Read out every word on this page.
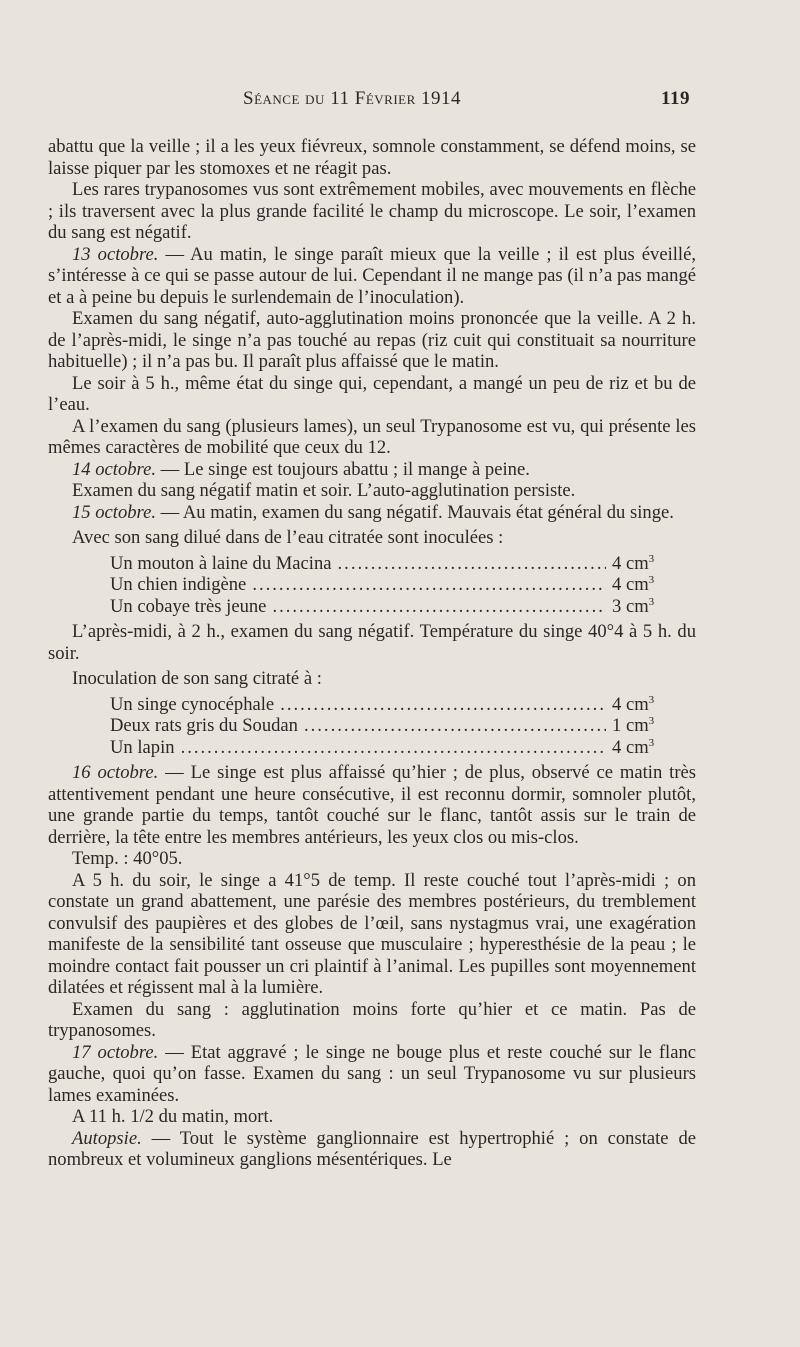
Séance du 11 Février 1914	119

abattu que la veille ; il a les yeux fiévreux, somnole constamment, se défend moins, se laisse piquer par les stomoxes et ne réagit pas.

Les rares trypanosomes vus sont extrêmement mobiles, avec mouvements en flèche ; ils traversent avec la plus grande facilité le champ du microscope. Le soir, l’examen du sang est négatif.

13 octobre. — Au matin, le singe paraît mieux que la veille ; il est plus éveillé, s’intéresse à ce qui se passe autour de lui. Cependant il ne mange pas (il n’a pas mangé et a à peine bu depuis le surlendemain de l’inoculation).

Examen du sang négatif, auto-agglutination moins prononcée que la veille. A 2 h. de l’après-midi, le singe n’a pas touché au repas (riz cuit qui constituait sa nourriture habituelle) ; il n’a pas bu. Il paraît plus affaissé que le matin.

Le soir à 5 h., même état du singe qui, cependant, a mangé un peu de riz et bu de l’eau.

A l’examen du sang (plusieurs lames), un seul Trypanosome est vu, qui présente les mêmes caractères de mobilité que ceux du 12.

14 octobre. — Le singe est toujours abattu ; il mange à peine.

Examen du sang négatif matin et soir. L’auto-agglutination persiste.

15 octobre. — Au matin, examen du sang négatif. Mauvais état général du singe.

Avec son sang dilué dans de l’eau citratée sont inoculées :

Un mouton à laine du Macina .....	4 $cm^3$
Un chien indigène .....	4 $cm^3$
Un cobaye très jeune .....	3 $cm^3$

L’après-midi, à 2 h., examen du sang négatif. Température du singe 40°4 à 5 h. du soir.

Inoculation de son sang citraté à :

Un singe cynocéphale .....	4 $cm^3$
Deux rats gris du Soudan .....	1 $cm^3$
Un lapin .....	4 $cm^3$

16 octobre. — Le singe est plus affaissé qu’hier ; de plus, observé ce matin très attentivement pendant une heure consécutive, il est reconnu dormir, somnoler plutôt, une grande partie du temps, tantôt couché sur le flanc, tantôt assis sur le train de derrière, la tête entre les membres antérieurs, les yeux clos ou mis-clos.

Temp. : 40°05.

A 5 h. du soir, le singe a 41°5 de temp. Il reste couché tout l’après-midi ; on constate un grand abattement, une parésie des membres postérieurs, du tremblement convulsif des paupières et des globes de l’œil, sans nystagmus vrai, une exagération manifeste de la sensibilité tant osseuse que musculaire ; hyperesthésie de la peau ; le moindre contact fait pousser un cri plaintif à l’animal. Les pupilles sont moyennement dilatées et régissent mal à la lumière.

Examen du sang : agglutination moins forte qu’hier et ce matin. Pas de trypanosomes.

17 octobre. — Etat aggravé ; le singe ne bouge plus et reste couché sur le flanc gauche, quoi qu’on fasse. Examen du sang : un seul Trypanosome vu sur plusieurs lames examinées.

A 11 h. 1/2 du matin, mort.

Autopsie. — Tout le système ganglionnaire est hypertrophié ; on constate de nombreux et volumineux ganglions mésentériques. Le
